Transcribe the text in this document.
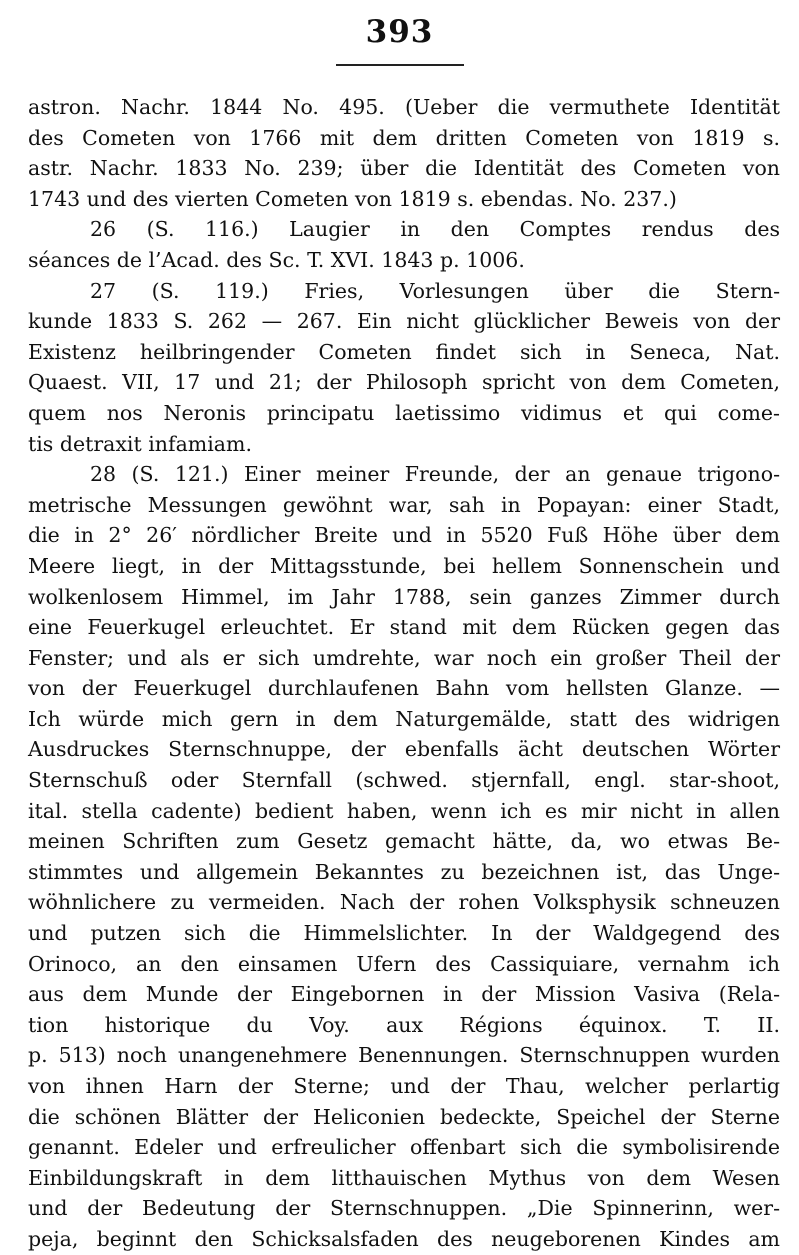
393
astron. Nachr. 1844 No. 495. (Ueber die vermuthete Identität
des Cometen von 1766 mit dem dritten Cometen von 1819 s.
astr. Nachr. 1833 No. 239; über die Identität des Cometen von
1743 und des vierten Cometen von 1819 s. ebendas. No. 237.)
26 (S. 116.) Laugier in den Comptes rendus des
séances de l’Acad. des Sc. T. XVI. 1843 p. 1006.
27 (S. 119.) Fries, Vorlesungen über die Stern-
kunde 1833 S. 262 — 267. Ein nicht glücklicher Beweis von der
Existenz heilbringender Cometen findet sich in Seneca, Nat.
Quaest. VII, 17 und 21; der Philosoph spricht von dem Cometen,
quem nos Neronis principatu laetissimo vidimus et qui come-
tis detraxit infamiam.
28 (S. 121.) Einer meiner Freunde, der an genaue trigono-
metrische Messungen gewöhnt war, sah in Popayan: einer Stadt,
die in 2° 26′ nördlicher Breite und in 5520 Fuß Höhe über dem
Meere liegt, in der Mittagsstunde, bei hellem Sonnenschein und
wolkenlosem Himmel, im Jahr 1788, sein ganzes Zimmer durch
eine Feuerkugel erleuchtet. Er stand mit dem Rücken gegen das
Fenster; und als er sich umdrehte, war noch ein großer Theil der
von der Feuerkugel durchlaufenen Bahn vom hellsten Glanze. —
Ich würde mich gern in dem Naturgemälde, statt des widrigen
Ausdruckes Sternschnuppe, der ebenfalls ächt deutschen Wörter
Sternschuß oder Sternfall (schwed. stjernfall, engl. star-shoot,
ital. stella cadente) bedient haben, wenn ich es mir nicht in allen
meinen Schriften zum Gesetz gemacht hätte, da, wo etwas Be-
stimmtes und allgemein Bekanntes zu bezeichnen ist, das Unge-
wöhnlichere zu vermeiden. Nach der rohen Volksphysik schneuzen
und putzen sich die Himmelslichter. In der Waldgegend des
Orinoco, an den einsamen Ufern des Cassiquiare, vernahm ich
aus dem Munde der Eingebornen in der Mission Vasiva (Rela-
tion historique du Voy. aux Régions équinox. T. II.
p. 513) noch unangenehmere Benennungen. Sternschnuppen wurden
von ihnen Harn der Sterne; und der Thau, welcher perlartig
die schönen Blätter der Heliconien bedeckte, Speichel der Sterne
genannt. Edeler und erfreulicher offenbart sich die symbolisirende
Einbildungskraft in dem litthauischen Mythus von dem Wesen
und der Bedeutung der Sternschnuppen. „Die Spinnerinn, wer-
peja, beginnt den Schicksalsfaden des neugeborenen Kindes am
